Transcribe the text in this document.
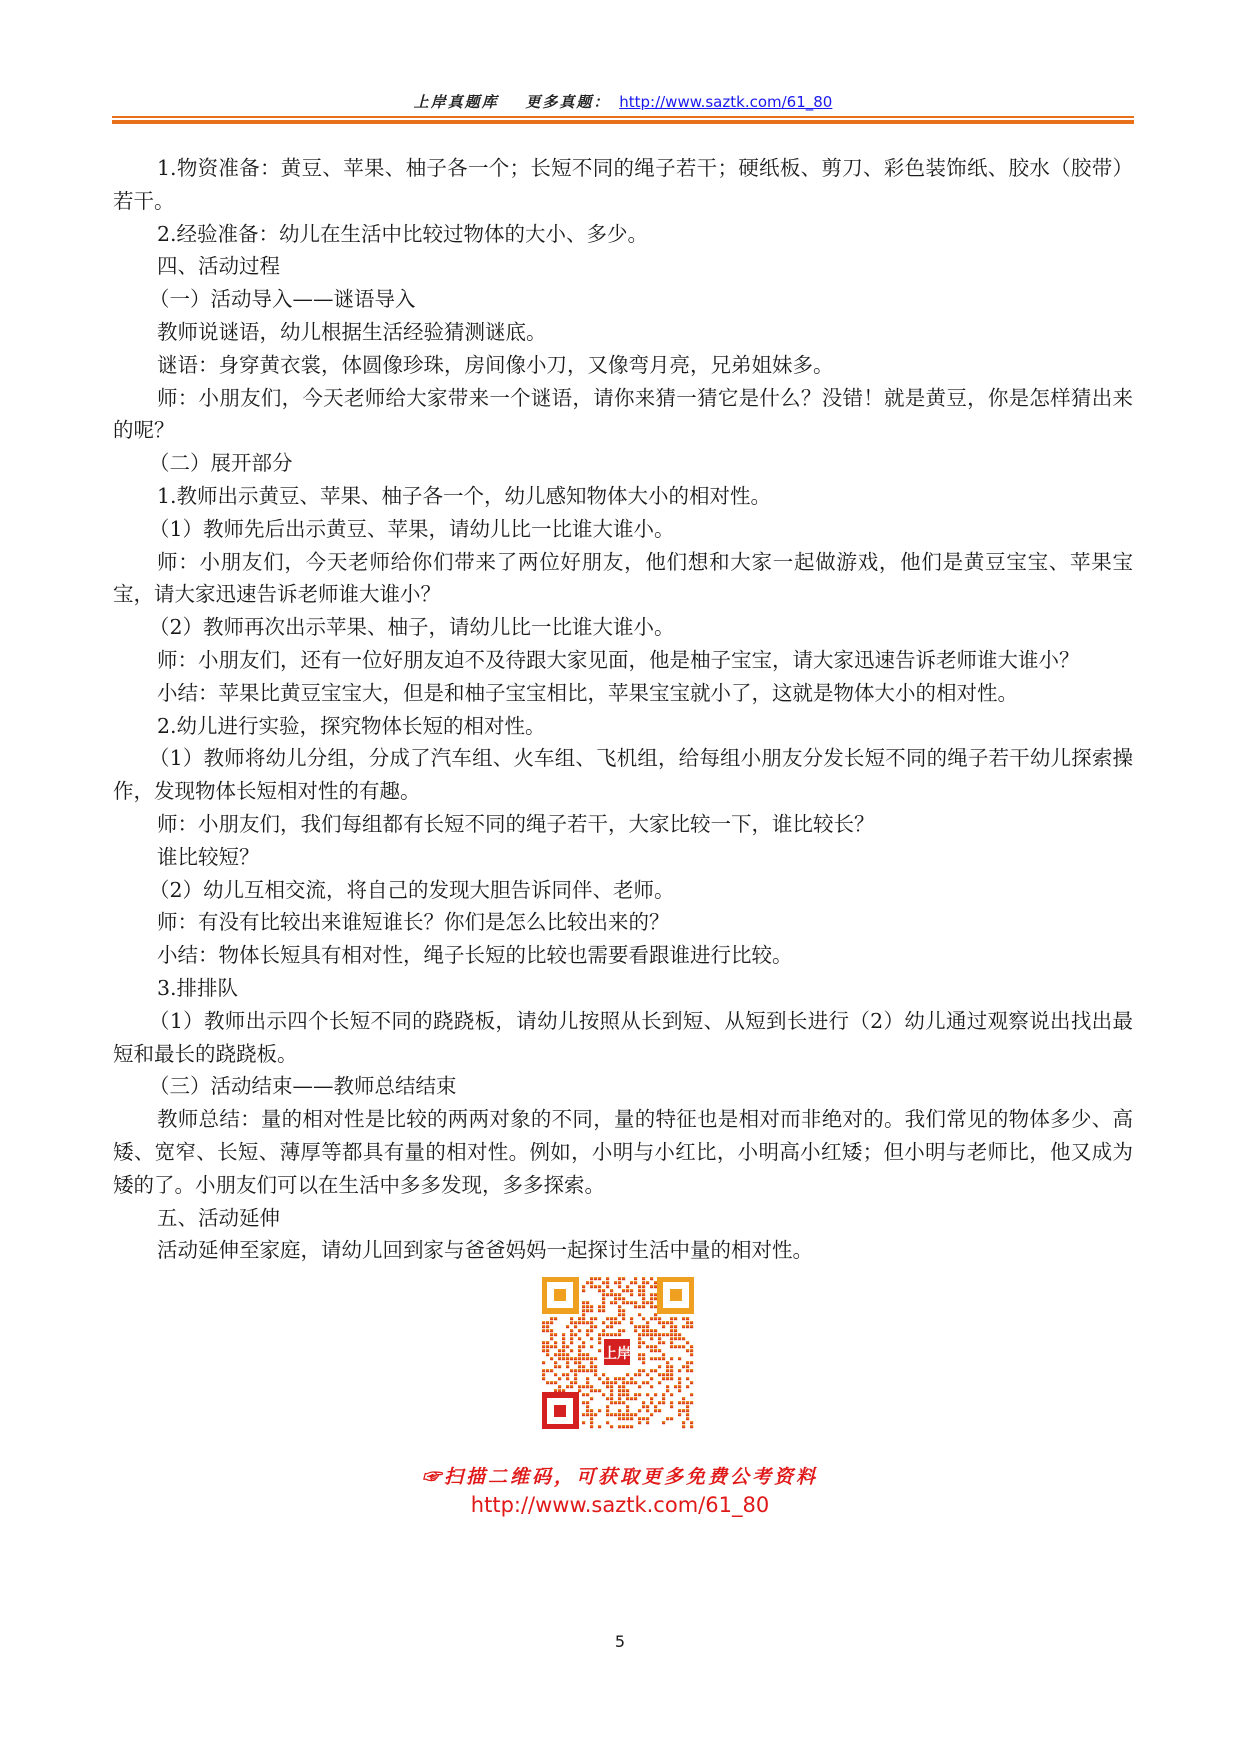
上岸真题库 更多真题： http://www.saztk.com/61_80

1.物资准备：黄豆、苹果、柚子各一个；长短不同的绳子若干；硬纸板、剪刀、彩色装饰纸、胶水（胶带）若干。

2.经验准备：幼儿在生活中比较过物体的大小、多少。

四、活动过程

（一）活动导入——谜语导入

教师说谜语，幼儿根据生活经验猜测谜底。

谜语：身穿黄衣裳，体圆像珍珠，房间像小刀，又像弯月亮，兄弟姐妹多。

师：小朋友们，今天老师给大家带来一个谜语，请你来猜一猜它是什么？没错！就是黄豆，你是怎样猜出来的呢？

（二）展开部分

1.教师出示黄豆、苹果、柚子各一个，幼儿感知物体大小的相对性。

（1）教师先后出示黄豆、苹果，请幼儿比一比谁大谁小。

师：小朋友们，今天老师给你们带来了两位好朋友，他们想和大家一起做游戏，他们是黄豆宝宝、苹果宝宝，请大家迅速告诉老师谁大谁小？

（2）教师再次出示苹果、柚子，请幼儿比一比谁大谁小。

师：小朋友们，还有一位好朋友迫不及待跟大家见面，他是柚子宝宝，请大家迅速告诉老师谁大谁小？

小结：苹果比黄豆宝宝大，但是和柚子宝宝相比，苹果宝宝就小了，这就是物体大小的相对性。

2.幼儿进行实验，探究物体长短的相对性。

（1）教师将幼儿分组，分成了汽车组、火车组、飞机组，给每组小朋友分发长短不同的绳子若干幼儿探索操作，发现物体长短相对性的有趣。

师：小朋友们，我们每组都有长短不同的绳子若干，大家比较一下，谁比较长？

谁比较短？

（2）幼儿互相交流，将自己的发现大胆告诉同伴、老师。

师：有没有比较出来谁短谁长？你们是怎么比较出来的？

小结：物体长短具有相对性，绳子长短的比较也需要看跟谁进行比较。

3.排排队

（1）教师出示四个长短不同的跷跷板，请幼儿按照从长到短、从短到长进行（2）幼儿通过观察说出找出最短和最长的跷跷板。

（三）活动结束——教师总结结束

教师总结：量的相对性是比较的两两对象的不同，量的特征也是相对而非绝对的。我们常见的物体多少、高矮、宽窄、长短、薄厚等都具有量的相对性。例如，小明与小红比，小明高小红矮；但小明与老师比，他又成为矮的了。小朋友们可以在生活中多多发现，多多探索。

五、活动延伸

活动延伸至家庭，请幼儿回到家与爸爸妈妈一起探讨生活中量的相对性。

上岸
☞扫描二维码，可获取更多免费公考资料
http://www.saztk.com/61_80
5
